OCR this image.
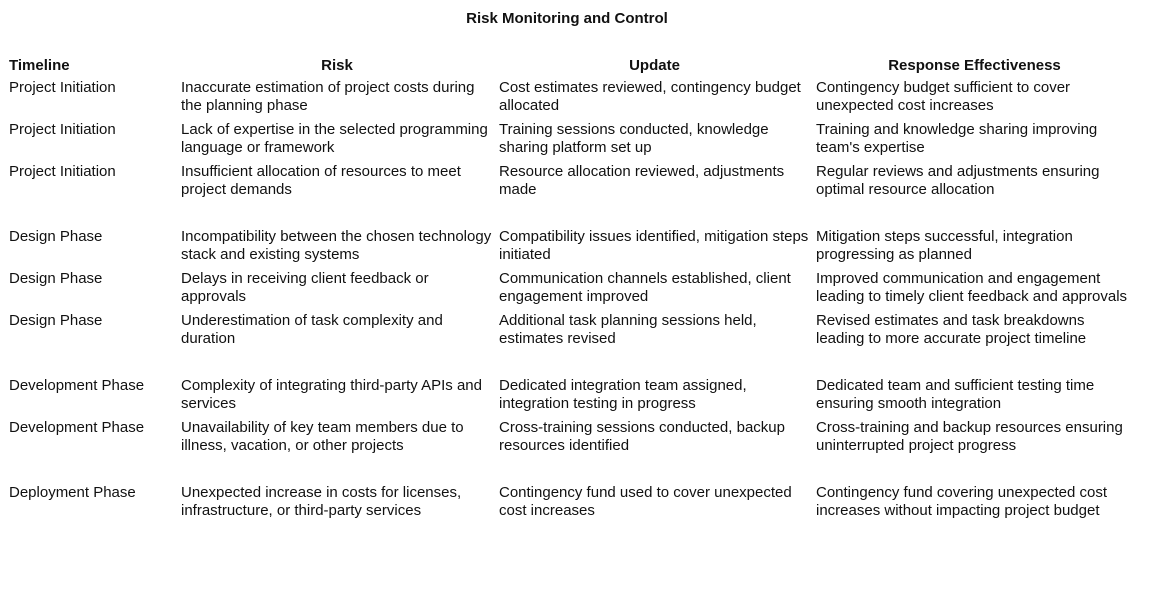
Risk Monitoring and Control
Timeline	Risk	Update	Response Effectiveness
Project Initiation	Inaccurate estimation of project costs during the planning phase	Cost estimates reviewed, contingency budget allocated	Contingency budget sufficient to cover unexpected cost increases
Project Initiation	Lack of expertise in the selected programming language or framework	Training sessions conducted, knowledge sharing platform set up	Training and knowledge sharing improving team's expertise
Project Initiation	Insufficient allocation of resources to meet project demands	Resource allocation reviewed, adjustments made	Regular reviews and adjustments ensuring optimal resource allocation
Design Phase	Incompatibility between the chosen technology stack and existing systems	Compatibility issues identified, mitigation steps initiated	Mitigation steps successful, integration progressing as planned
Design Phase	Delays in receiving client feedback or approvals	Communication channels established, client engagement improved	Improved communication and engagement leading to timely client feedback and approvals
Design Phase	Underestimation of task complexity and duration	Additional task planning sessions held, estimates revised	Revised estimates and task breakdowns leading to more accurate project timeline
Development Phase	Complexity of integrating third-party APIs and services	Dedicated integration team assigned, integration testing in progress	Dedicated team and sufficient testing time ensuring smooth integration
Development Phase	Unavailability of key team members due to illness, vacation, or other projects	Cross-training sessions conducted, backup resources identified	Cross-training and backup resources ensuring uninterrupted project progress
Deployment Phase	Unexpected increase in costs for licenses, infrastructure, or third-party services	Contingency fund used to cover unexpected cost increases	Contingency fund covering unexpected cost increases without impacting project budget
